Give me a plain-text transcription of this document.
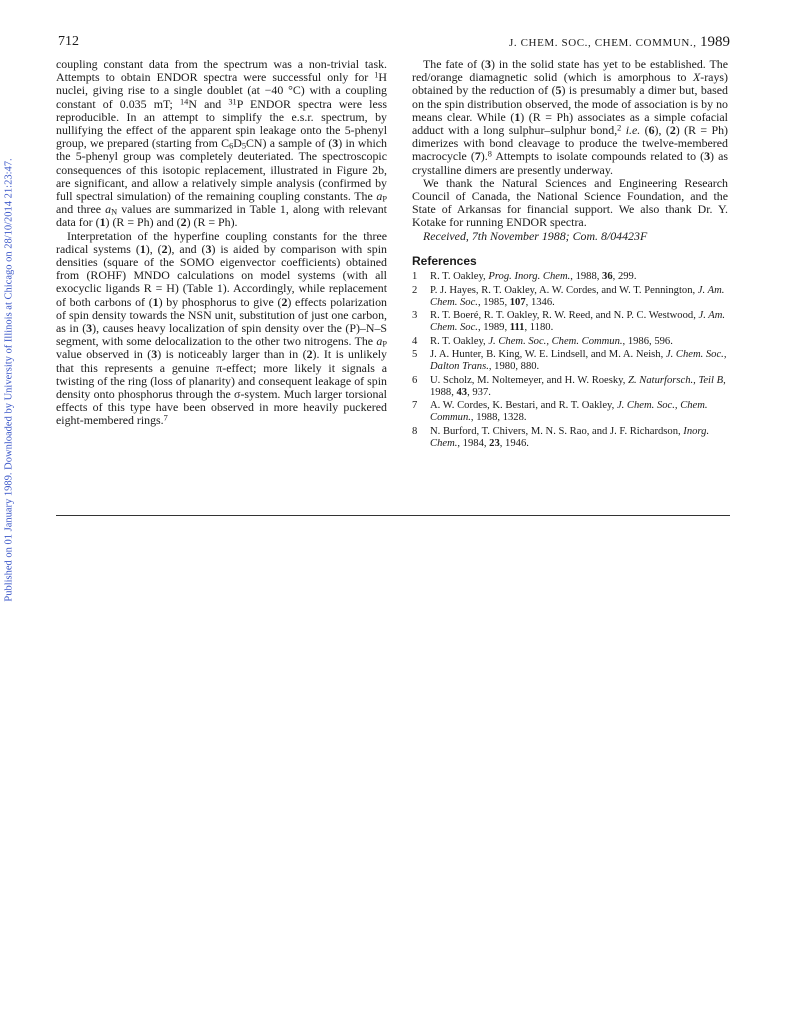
Published on 01 January 1989. Downloaded by University of Illinois at Chicago on 28/10/2014 21:23:47.
712	J. CHEM. SOC., CHEM. COMMUN., 1989

coupling constant data from the spectrum was a non-trivial task. Attempts to obtain ENDOR spectra were successful only for $^1$H nuclei, giving rise to a single doublet (at −40 °C) with a coupling constant of 0.035 mT; $^{14}$N and $^{31}$P ENDOR spectra were less reproducible. In an attempt to simplify the e.s.r. spectrum, by nullifying the effect of the apparent spin leakage onto the 5-phenyl group, we prepared (starting from $C_6D_5CN$) a sample of (3) in which the 5-phenyl group was completely deuteriated. The spectroscopic consequences of this isotopic replacement, illustrated in Figure 2b, are significant, and allow a relatively simple analysis (confirmed by full spectral simulation) of the remaining coupling constants. The $a_P$ and three $a_N$ values are summarized in Table 1, along with relevant data for (1) (R = Ph) and (2) (R = Ph).

Interpretation of the hyperfine coupling constants for the three radical systems (1), (2), and (3) is aided by comparison with spin densities (square of the SOMO eigenvector coefficients) obtained from (ROHF) MNDO calculations on model systems (with all exocyclic ligands R = H) (Table 1). Accordingly, while replacement of both carbons of (1) by phosphorus to give (2) effects polarization of spin density towards the NSN unit, substitution of just one carbon, as in (3), causes heavy localization of spin density over the (P)–N–S segment, with some delocalization to the other two nitrogens. The $a_P$ value observed in (3) is noticeably larger than in (2). It is unlikely that this represents a genuine π-effect; more likely it signals a twisting of the ring (loss of planarity) and consequent leakage of spin density onto phosphorus through the σ-system. Much larger torsional effects of this type have been observed in more heavily puckered eight-membered rings.$^7$

The fate of (3) in the solid state has yet to be established. The red/orange diamagnetic solid (which is amorphous to X-rays) obtained by the reduction of (5) is presumably a dimer but, based on the spin distribution observed, the mode of association is by no means clear. While (1) (R = Ph) associates as a simple cofacial adduct with a long sulphur–sulphur bond,$^2$ i.e. (6), (2) (R = Ph) dimerizes with bond cleavage to produce the twelve-membered macrocycle (7).$^8$ Attempts to isolate compounds related to (3) as crystalline dimers are presently underway.

We thank the Natural Sciences and Engineering Research Council of Canada, the National Science Foundation, and the State of Arkansas for financial support. We also thank Dr. Y. Kotake for running ENDOR spectra.

Received, 7th November 1988; Com. 8/04423F

References
1 R. T. Oakley, Prog. Inorg. Chem., 1988, 36, 299.
2 P. J. Hayes, R. T. Oakley, A. W. Cordes, and W. T. Pennington, J. Am. Chem. Soc., 1985, 107, 1346.
3 R. T. Boeré, R. T. Oakley, R. W. Reed, and N. P. C. Westwood, J. Am. Chem. Soc., 1989, 111, 1180.
4 R. T. Oakley, J. Chem. Soc., Chem. Commun., 1986, 596.
5 J. A. Hunter, B. King, W. E. Lindsell, and M. A. Neish, J. Chem. Soc., Dalton Trans., 1980, 880.
6 U. Scholz, M. Noltemeyer, and H. W. Roesky, Z. Naturforsch., Teil B, 1988, 43, 937.
7 A. W. Cordes, K. Bestari, and R. T. Oakley, J. Chem. Soc., Chem. Commun., 1988, 1328.
8 N. Burford, T. Chivers, M. N. S. Rao, and J. F. Richardson, Inorg. Chem., 1984, 23, 1946.
